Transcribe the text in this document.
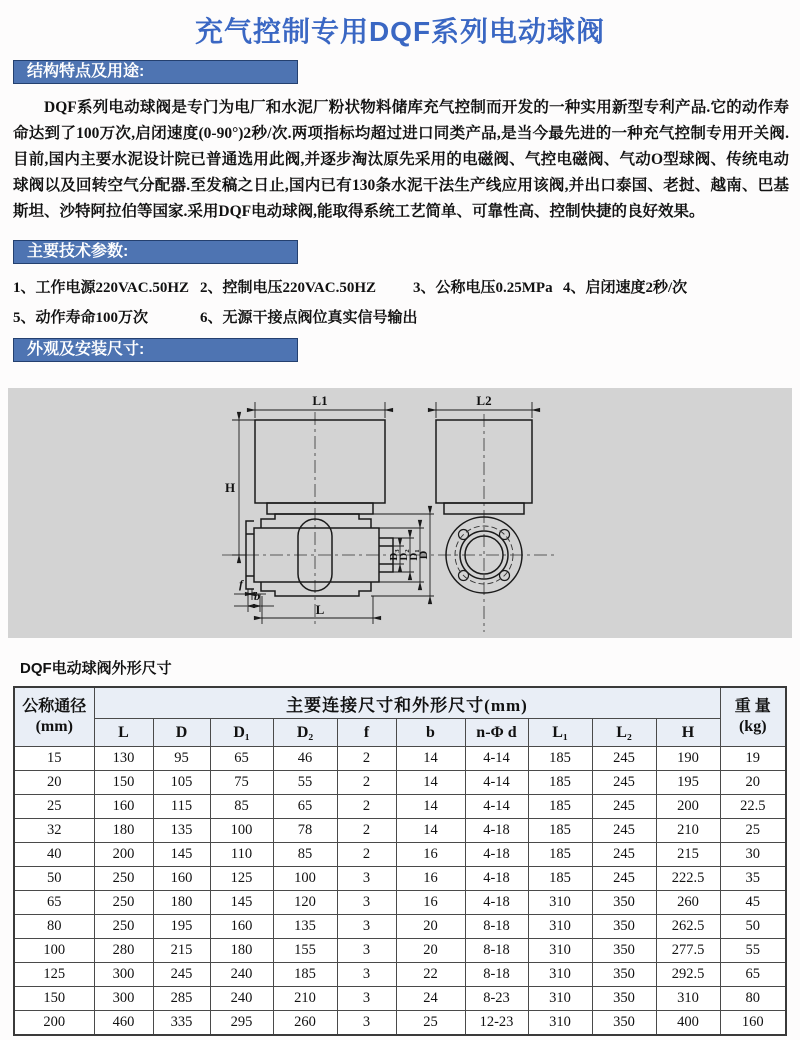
充气控制专用DQF系列电动球阀
结构特点及用途:
DQF系列电动球阀是专门为电厂和水泥厂粉状物料储库充气控制而开发的一种实用新型专利产品.它的动作寿命达到了100万次,启闭速度(0-90°)2秒/次.两项指标均超过进口同类产品,是当今最先进的一种充气控制专用开关阀.目前,国内主要水泥设计院已普通选用此阀,并逐步淘汰原先采用的电磁阀、气控电磁阀、气动O型球阀、传统电动球阀以及回转空气分配器.至发稿之日止,国内已有130条水泥干法生产线应用该阀,并出口泰国、老挝、越南、巴基斯坦、沙特阿拉伯等国家.采用DQF电动球阀,能取得系统工艺简单、可靠性高、控制快捷的良好效果。
主要技术参数:
1、工作电源220VAC.50HZ 2、控制电压220VAC.50HZ 3、公称电压0.25MPa 4、启闭速度2秒/次
5、动作寿命100万次	6、无源干接点阀位真实信号输出
外观及安装尺寸:
L1	L2
H
L
f
b
D₃
D₂
D₁
D
DQF电动球阀外形尺寸
公称通径
(mm)
	主要连接尺寸和外形尺寸(mm)	重 量
(kg)

	L	D	D₁	D₂	f	b	n-Φ d	L₁	L₂	H	
15	130	95	65	46	2	14	4-14	185	245	190	19
20	150	105	75	55	2	14	4-14	185	245	195	20
25	160	115	85	65	2	14	4-14	185	245	200	22.5
32	180	135	100	78	2	14	4-18	185	245	210	25
40	200	145	110	85	2	16	4-18	185	245	215	30
50	250	160	125	100	3	16	4-18	185	245	222.5	35
65	250	180	145	120	3	16	4-18	310	350	260	45
80	250	195	160	135	3	20	8-18	310	350	262.5	50
100	280	215	180	155	3	20	8-18	310	350	277.5	55
125	300	245	240	185	3	22	8-18	310	350	292.5	65
150	300	285	240	210	3	24	8-23	310	350	310	80
200	460	335	295	260	3	25	12-23	310	350	400	160
